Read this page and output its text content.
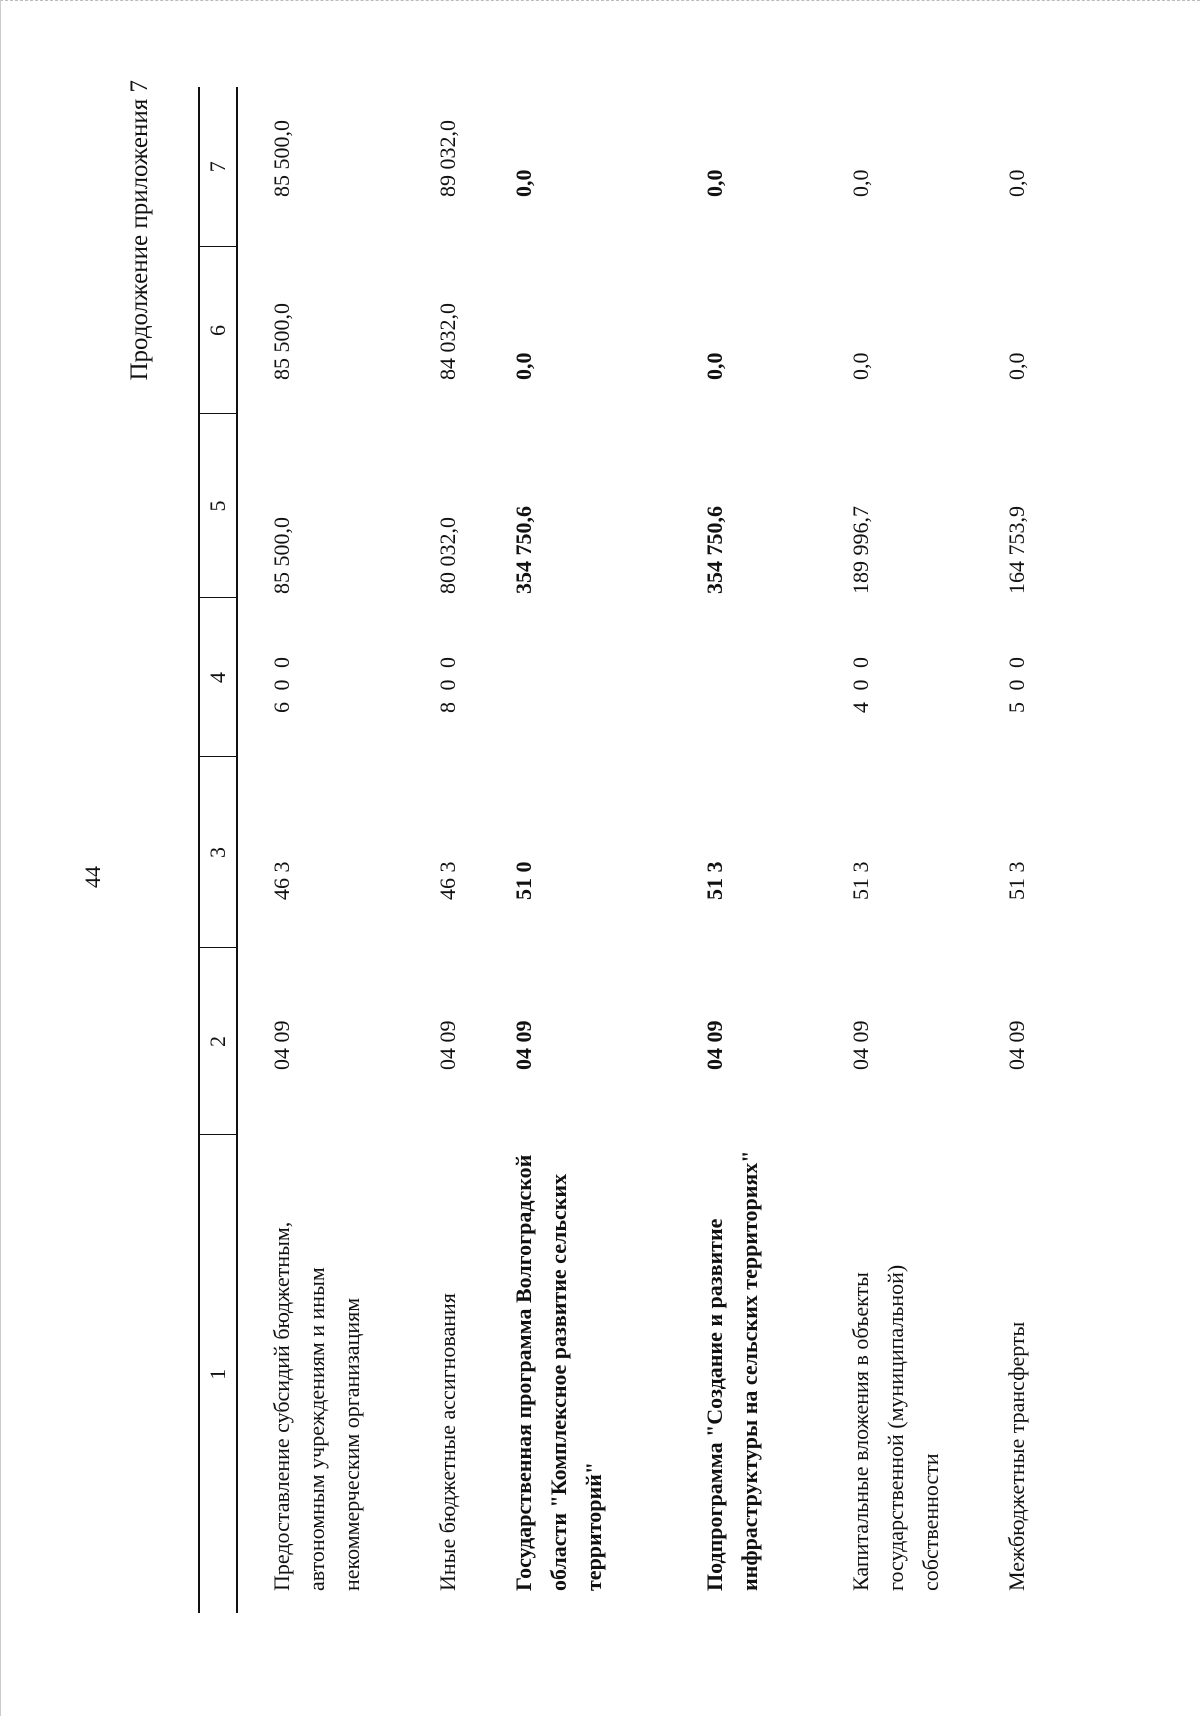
44
Продолжение приложения 7
1	2	3	4	5	6	7
Предоставление субсидий бюджетным, автономным учреждениям и иным некоммерческим организациям	04 09	46 3	6 0 0	85 500,0	85 500,0	85 500,0
Иные бюджетные ассигнования	04 09	46 3	8 0 0	80 032,0	84 032,0	89 032,0
Государственная программа Волгоградской области "Комплексное развитие сельских территорий"	04 09	51 0		354 750,6	0,0	0,0
Подпрограмма "Создание и развитие инфраструктуры на сельских территориях"	04 09	51 3		354 750,6	0,0	0,0
Капитальные вложения в объекты государственной (муниципальной) собственности	04 09	51 3	4 0 0	189 996,7	0,0	0,0
Межбюджетные трансферты	04 09	51 3	5 0 0	164 753,9	0,0	0,0
